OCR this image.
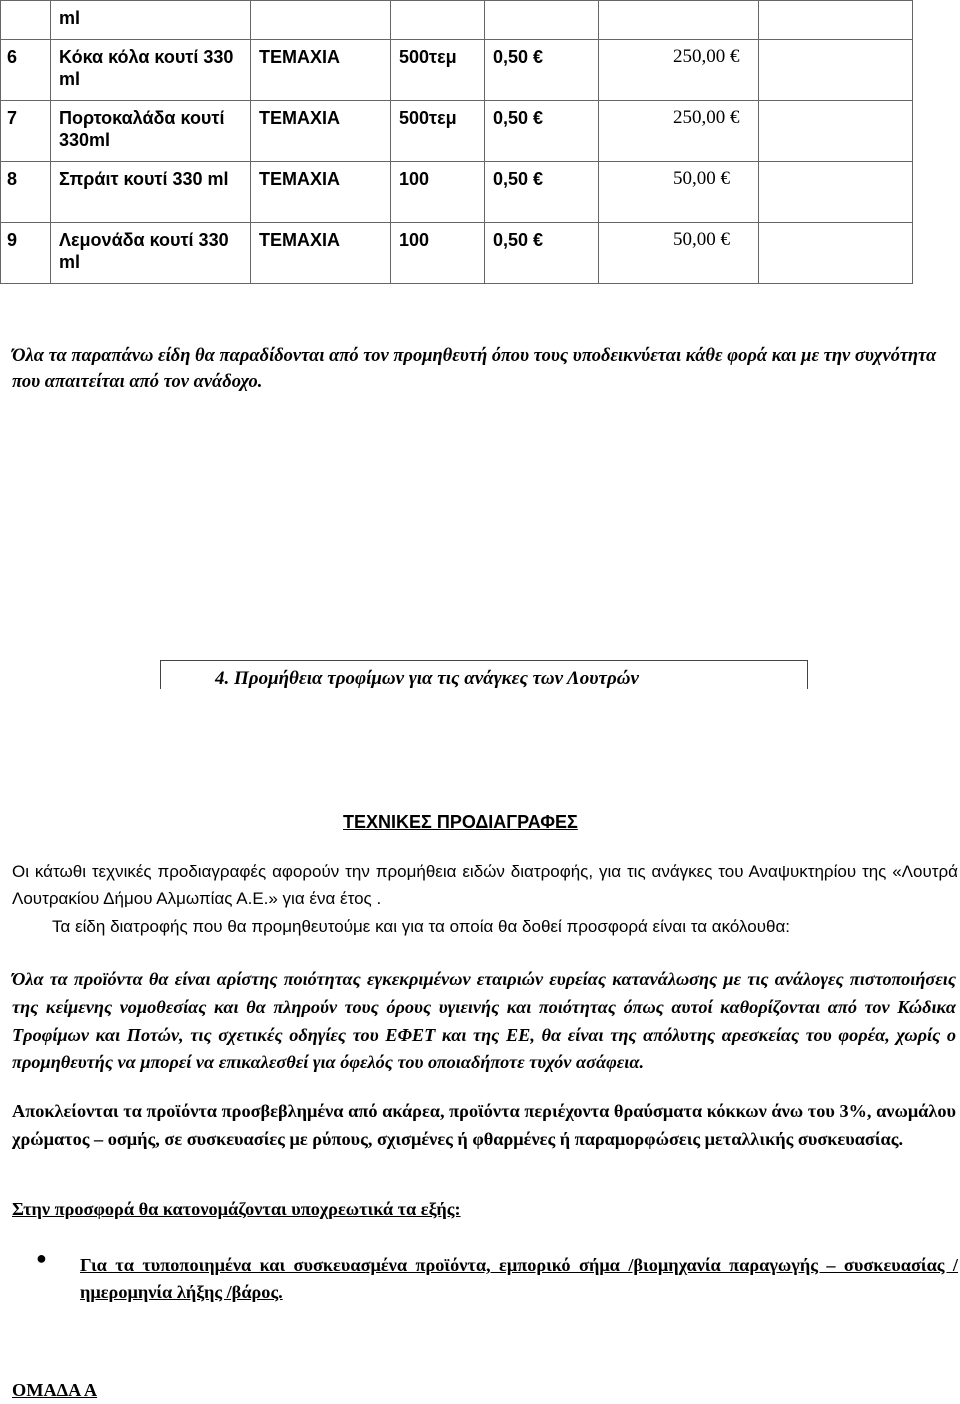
	ml					
6	Κόκα κόλα κουτί 330 ml	ΤΕΜΑΧΙΑ	500τεμ	0,50 €	250,00 €	
7	Πορτοκαλάδα κουτί 330ml	ΤΕΜΑΧΙΑ	500τεμ	0,50 €	250,00 €	
8	Σπράιτ κουτί 330 ml	ΤΕΜΑΧΙΑ	100	0,50 €	50,00 €	
9	Λεμονάδα κουτί 330 ml	ΤΕΜΑΧΙΑ	100	0,50 €	50,00 €	
Όλα τα παραπάνω είδη θα παραδίδονται από τον προμηθευτή όπου τους υποδεικνύεται κάθε φορά και με την συχνότητα που απαιτείται από τον ανάδοχο.
4. Προμήθεια τροφίμων για τις ανάγκες των Λουτρών
ΤΕΧΝΙΚΕΣ ΠΡΟΔΙΑΓΡΑΦΕΣ
Οι κάτωθι τεχνικές προδιαγραφές αφορούν την προμήθεια ειδών διατροφής, για τις ανάγκες του Αναψυκτηρίου της «Λουτρά Λουτρακίου Δήμου Αλμωπίας Α.Ε.» για ένα έτος .
Τα είδη διατροφής που θα προμηθευτούμε και για τα οποία θα δοθεί προσφορά είναι τα ακόλουθα:
Όλα τα προϊόντα θα είναι αρίστης ποιότητας εγκεκριμένων εταιριών ευρείας κατανάλωσης με τις ανάλογες πιστοποιήσεις της κείμενης νομοθεσίας και θα πληρούν τους όρους υγιεινής και ποιότητας όπως αυτοί καθορίζονται από τον Κώδικα Τροφίμων και Ποτών, τις σχετικές οδηγίες του ΕΦΕΤ και της ΕΕ, θα είναι της απόλυτης αρεσκείας του φορέα, χωρίς ο προμηθευτής να μπορεί να επικαλεσθεί για όφελός του οποιαδήποτε τυχόν ασάφεια.
Αποκλείονται τα προϊόντα προσβεβλημένα από ακάρεα, προϊόντα περιέχοντα θραύσματα κόκκων άνω του 3%, ανωμάλου χρώματος – οσμής, σε συσκευασίες με ρύπους, σχισμένες ή φθαρμένες ή παραμορφώσεις μεταλλικής συσκευασίας.
Στην προσφορά θα κατονομάζονται υποχρεωτικά τα εξής:
● Για τα τυποποιημένα και συσκευασμένα προϊόντα, εμπορικό σήμα /βιομηχανία παραγωγής – συσκευασίας /ημερομηνία λήξης /βάρος.
ΟΜΑΔΑ Α
